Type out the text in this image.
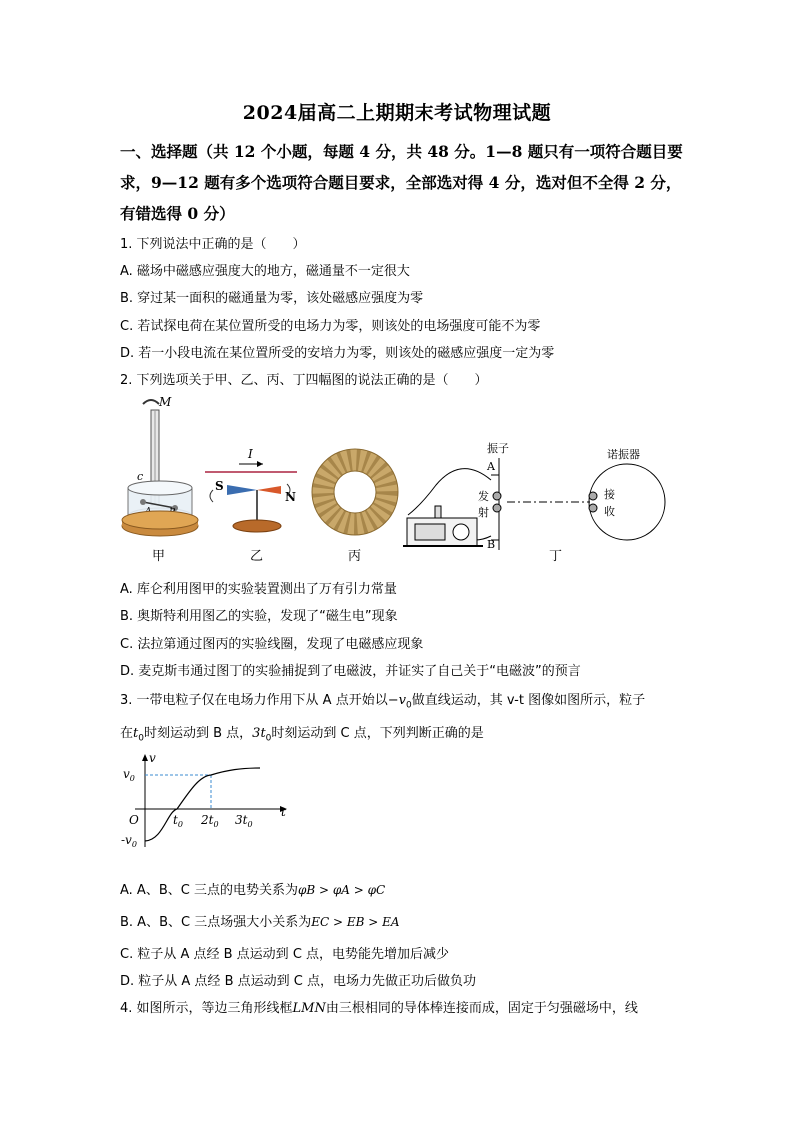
2024届高二上期期末考试物理试题
一、选择题（共 12 个小题，每题 4 分，共 48 分。1—8 题只有一项符合题目要
求，9—12 题有多个选项符合题目要求，全部选对得 4 分，选对但不全得 2 分，
有错选得 0 分）
1. 下列说法中正确的是（　　）
A. 磁场中磁感应强度大的地方，磁通量不一定很大
B. 穿过某一面积的磁通量为零，该处磁感应强度为零
C. 若试探电荷在某位置所受的电场力为零，则该处的电场强度可能不为零
D. 若一小段电流在某位置所受的安培力为零，则该处的磁感应强度一定为零
2. 下列选项关于甲、乙、丙、丁四幅图的说法正确的是（　　）
M
c
甲
I
S
N
乙	丙
振子
A
B
发
射
接
收
诺振器
丁
A. 库仑利用图甲的实验装置测出了万有引力常量
B. 奥斯特利用图乙的实验，发现了“磁生电”现象
C. 法拉第通过图丙的实验线圈，发现了电磁感应现象
D. 麦克斯韦通过图丁的实验捕捉到了电磁波，并证实了自己关于“电磁波”的预言
3. 一带电粒子仅在电场力作用下从 A 点开始以$-v_0$做直线运动，其 v-t 图像如图所示，粒子
在$t_0$时刻运动到 B 点，$3t_0$时刻运动到 C 点，下列判断正确的是
v
$v_0$
O
$-v_0$
$t_0$ $2t_0$ $3t_0$
t
A. A、B、C 三点的电势关系为φB > φA > φC
B. A、B、C 三点场强大小关系为EC > EB > EA
C. 粒子从 A 点经 B 点运动到 C 点，电势能先增加后减少
D. 粒子从 A 点经 B 点运动到 C 点，电场力先做正功后做负功
4. 如图所示，等边三角形线框LMN由三根相同的导体棒连接而成，固定于匀强磁场中，线
